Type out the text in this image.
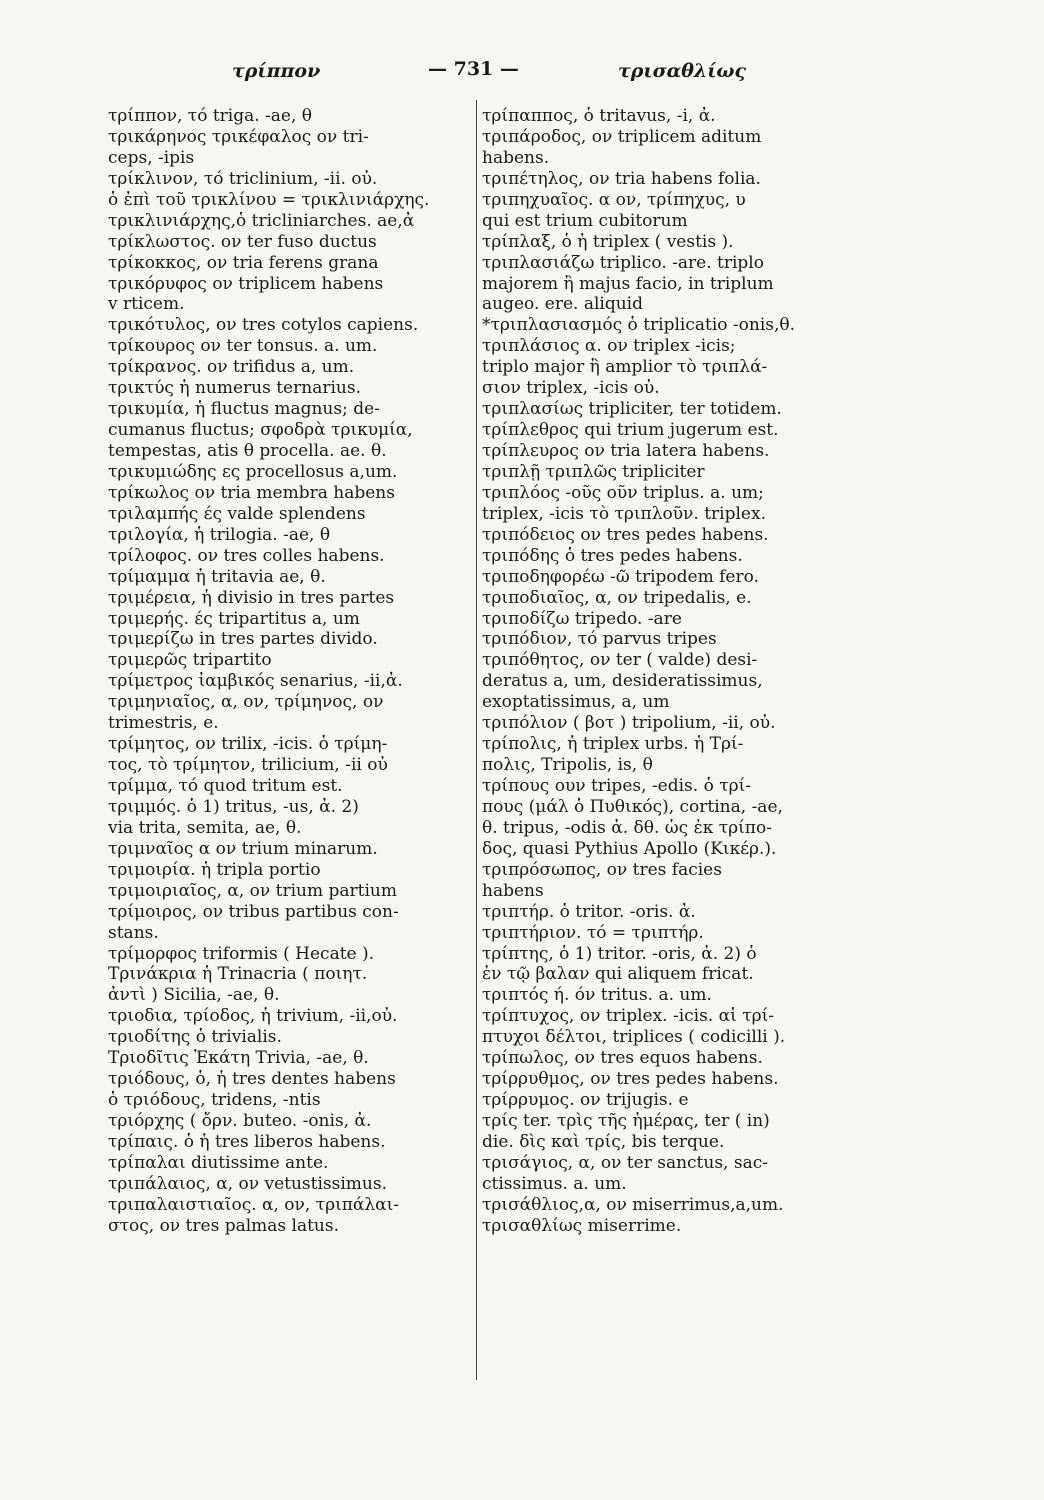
τρίππον	— 731 —	τρισαθλίως
τρίππον, τό triga. -ae, θ
τρικάρηνος τρικέφαλος ον tri-
ceps, -ipis
τρίκλινον, τό triclinium, -ii. οὐ.
ὁ ἐπὶ τοῦ τρικλίνου = τρικλινιάρχης.
τρικλινιάρχης,ὁ tricliniarches. ae,ἀ
τρίκλωστος. ον ter fuso ductus
τρίκοκκος, ον tria ferens grana
τρικόρυφος ον triplicem habens
v rticem.
τρικότυλος, ον tres cotylos capiens.
τρίκουρος ον ter tonsus. a. um.
τρίκρανος. ον trifidus a, um.
τρικτύς ἡ numerus ternarius.
τρικυμία, ἡ fluctus magnus; de-
cumanus fluctus; σφοδρὰ τρικυμία,
tempestas, atis θ procella. ae. θ.
τρικυμιώδης ες procellosus a,um.
τρίκωλος ον tria membra habens
τριλαμπής ές valde splendens
τριλογία, ἡ trilogia. -ae, θ
τρίλοφος. ον tres colles habens.
τρίμαμμα ἡ tritavia ae, θ.
τριμέρεια, ἡ divisio in tres partes
τριμερής. ές tripartitus a, um
τριμερίζω in tres partes divido.
τριμερῶς tripartito
τρίμετρος ἰαμβικός senarius, -ii,ἀ.
τριμηνιαῖος, α, ον, τρίμηνος, ον
trimestris, e.
τρίμητος, ον trilix, -icis. ὁ τρίμη-
τος, τὸ τρίμητον, trilicium, -ii οὐ
τρίμμα, τό quod tritum est.
τριμμός. ὁ 1) tritus, -us, ἀ. 2)
via trita, semita, ae, θ.
τριμναῖος α ον trium minarum.
τριμοιρία. ἡ tripla portio
τριμοιριαῖος, α, ον trium partium
τρίμοιρος, ον tribus partibus con-
stans.
τρίμορφος triformis ( Hecate ).
Τρινάκρια ἡ Trinacria ( ποιητ.
ἀντὶ ) Sicilia, -ae, θ.
τριοδια, τρίοδος, ἡ trivium, -ii,οὐ.
τριοδίτης ὁ trivialis.
Τριοδῖτις Ἑκάτη Trivia, -ae, θ.
τριόδους, ὁ, ἡ tres dentes habens
ὁ τριόδους, tridens, -ntis
τριόρχης ( ὄρν. buteo. -onis, ἀ.
τρίπαις. ὁ ἡ tres liberos habens.
τρίπαλαι diutissime ante.
τριπάλαιος, α, ον vetustissimus.
τριπαλαιστιαῖος. α, ον, τριπάλαι-
στος, ον tres palmas latus.
τρίπαππος, ὁ tritavus, -i, ἀ.
τριπάροδος, ον triplicem aditum
habens.
τριπέτηλος, ον tria habens folia.
τριπηχυαῖος. α ον, τρίπηχυς, υ
qui est trium cubitorum
τρίπλαξ, ὁ ἡ triplex ( vestis ).
τριπλασιάζω triplico. -are. triplo
majorem ἢ majus facio, in triplum
augeo. ere. aliquid
*τριπλασιασμός ὁ triplicatio -onis,θ.
τριπλάσιος α. ον triplex -icis;
triplo major ἢ amplior τὸ τριπλά-
σιον triplex, -icis οὐ.
τριπλασίως tripliciter, ter totidem.
τρίπλεθρος qui trium jugerum est.
τρίπλευρος ον tria latera habens.
τριπλῇ τριπλῶς tripliciter
τριπλόος -οῦς οῦν triplus. a. um;
triplex, -icis τὸ τριπλοῦν. triplex.
τριπόδειος ον tres pedes habens.
τριπόδης ὁ tres pedes habens.
τριποδηφορέω -ῶ tripodem fero.
τριποδιαῖος, α, ον tripedalis, e.
τριποδίζω tripedo. -are
τριπόδιον, τό parvus tripes
τριπόθητος, ον ter ( valde) desi-
deratus a, um, desideratissimus,
exoptatissimus, a, um
τριπόλιον ( βοτ ) tripolium, -ii, οὐ.
τρίπολις, ἡ triplex urbs. ἡ Τρί-
πολις, Tripolis, is, θ
τρίπους ουν tripes, -edis. ὁ τρί-
πους (μάλ ὁ Πυθικός), cortina, -ae,
θ. tripus, -odis ἀ. δθ. ὡς ἐκ τρίπο-
δος, quasi Pythius Apollo (Κικέρ.).
τριπρόσωπος, ον tres facies
habens
τριπτήρ. ὁ tritor. -oris. ἀ.
τριπτήριον. τό = τριπτήρ.
τρίπτης, ὁ 1) tritor. -oris, ἀ. 2) ὁ
ἐν τῷ βαλαν qui aliquem fricat.
τριπτός ή. όν tritus. a. um.
τρίπτυχος, ον triplex. -icis. αἱ τρί-
πτυχοι δέλτοι, triplices ( codicilli ).
τρίπωλος, ον tres equos habens.
τρίρρυθμος, ον tres pedes habens.
τρίρρυμος. ον trijugis. e
τρίς ter. τρὶς τῆς ἡμέρας, ter ( in)
die. δὶς καὶ τρίς, bis terque.
τρισάγιος, α, ον ter sanctus, sac-
ctissimus. a. um.
τρισάθλιος,α, ον miserrimus,a,um.
τρισαθλίως miserrime.
